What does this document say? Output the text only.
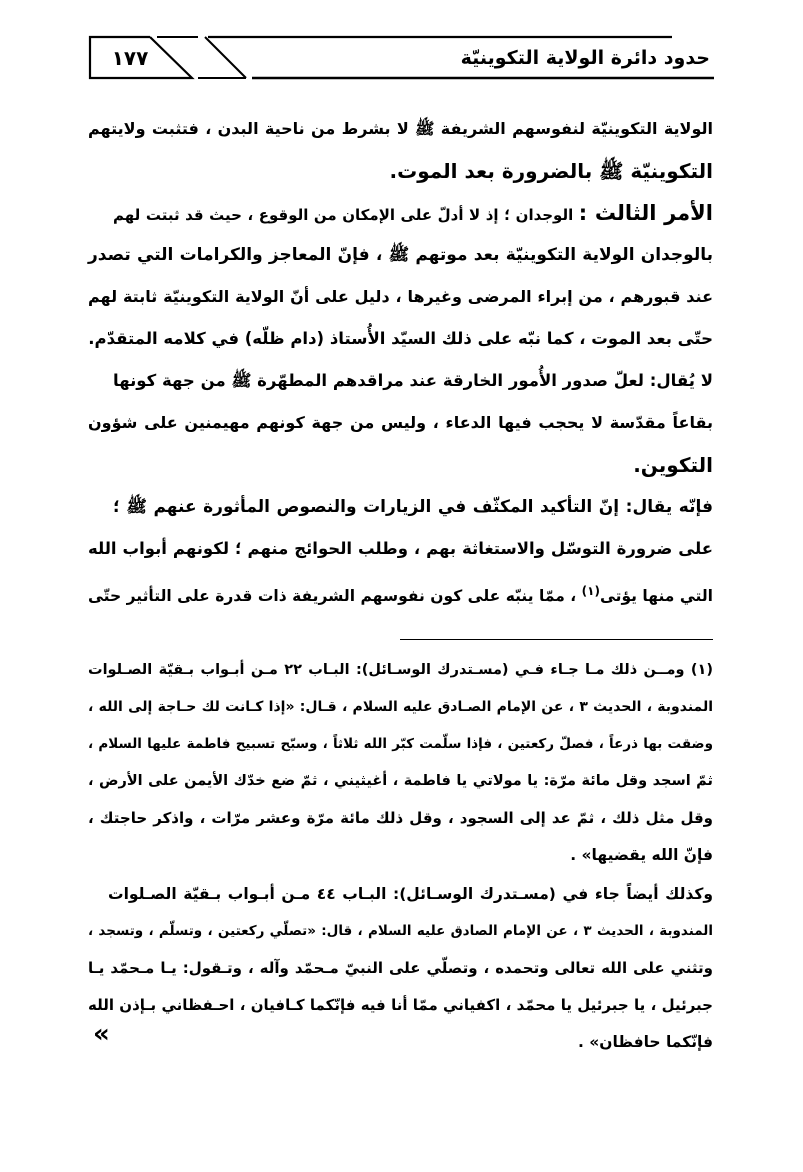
١٧٧	حدود دائرة الولاية التكوينيّة
الولاية التكوينيّة لنفوسهم الشريفة ﷺ لا بشرط من ناحية البدن ، فتثبت ولايتهم
التكوينيّة ﷺ بالضرورة بعد الموت.
الأمر الثالث : الوجدان ؛ إذ لا أدلّ على الإمكان من الوقوع ، حيث قد ثبتت لهم
بالوجدان الولاية التكوينيّة بعد موتهم ﷺ ، فإنّ المعاجز والكرامات التي تصدر
عند قبورهم ، من إبراء المرضى وغيرها ، دليل على أنّ الولاية التكوينيّة ثابتة لهم
حتّى بعد الموت ، كما نبّه على ذلك السيّد الأُستاذ (دام ظلّه) في كلامه المتقدّم.
لا يُقال: لعلّ صدور الأُمور الخارقة عند مراقدهم المطهّرة ﷺ من جهة كونها
بقاعاً مقدّسة لا يحجب فيها الدعاء ، وليس من جهة كونهم مهيمنين على شؤون
التكوين.
فإنّه يقال: إنّ التأكيد المكثّف في الزيارات والنصوص المأثورة عنهم ﷺ ؛
على ضرورة التوسّل والاستغاثة بهم ، وطلب الحوائج منهم ؛ لكونهم أبواب الله
التي منها يؤتى$^{(١)}$ ، ممّا ينبّه على كون نفوسهم الشريفة ذات قدرة على التأثير حتّى
(١) ومــن ذلك مـا جـاء فـي (مسـتدرك الوسـائل): البـاب ٢٢ مـن أبـواب بـقيّة الصـلوات
المندوبة ، الحديث ٣ ، عن الإمام الصـادق عليه السلام ، قـال: «إذا كـانت لك حـاجة إلى الله ،
وضقت بها ذرعاً ، فصلّ ركعتين ، فإذا سلّمت كبّر الله ثلاثاً ، وسبّح تسبيح فاطمة عليها السلام ،
ثمّ اسجد وقل مائة مرّة: يا مولاتي يا فاطمة ، أغيثيني ، ثمّ ضع خدّك الأيمن على الأرض ،
وقل مثل ذلك ، ثمّ عد إلى السجود ، وقل ذلك مائة مرّة وعشر مرّات ، واذكر حاجتك ،
فإنّ الله يقضيها» .
وكذلك أيضاً جاء في (مسـتدرك الوسـائل): البـاب ٤٤ مـن أبـواب بـقيّة الصـلوات
المندوبة ، الحديث ٣ ، عن الإمام الصادق عليه السلام ، قال: «تصلّي ركعتين ، وتسلّم ، وتسجد ،
وتثني على الله تعالى وتحمده ، وتصلّي على النبيّ مـحمّد وآله ، وتـقول: يـا مـحمّد يـا
جبرئيل ، يا جبرئيل يا محمّد ، اكفياني ممّا أنا فيه فإنّكما كـافيان ، احـفظاني بـإذن الله
فإنّكما حافظان» .
«
